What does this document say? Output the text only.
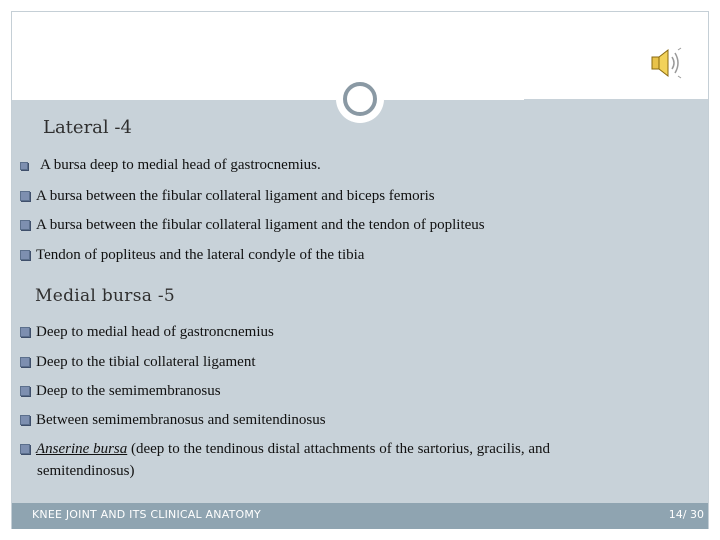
Lateral -4
A bursa deep to medial head of gastrocnemius.
A bursa between the fibular collateral ligament and biceps femoris
A bursa between the fibular collateral ligament and the tendon of popliteus
Tendon of popliteus and the lateral condyle of the tibia
Medial bursa -5
Deep to medial head of gastroncnemius
Deep to the tibial collateral ligament
Deep to the semimembranosus
Between semimembranosus and semitendinosus
Anserine bursa (deep to the tendinous distal attachments of the sartorius, gracilis, and
semitendinosus)
KNEE JOINT AND ITS CLINICAL ANATOMY	14/ 30
